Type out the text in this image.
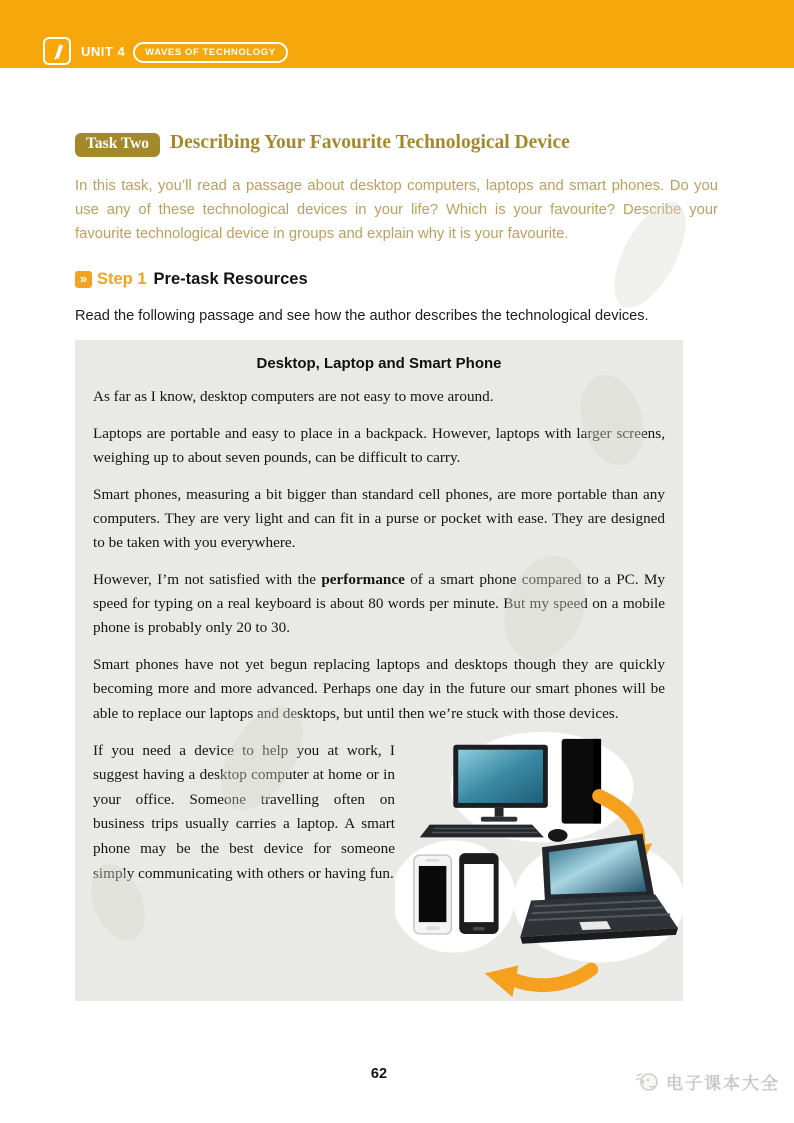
UNIT 4	WAVES OF TECHNOLOGY
Task Two	Describing Your Favourite Technological Device

In this task, you’ll read a passage about desktop computers, laptops and smart phones. Do you use any of these technological devices in your life? Which is your favourite? Describe your favourite technological device in groups and explain why it is your favourite.

» Step 1 Pre-task Resources

Read the following passage and see how the author describes the technological devices.

Desktop, Laptop and Smart Phone

As far as I know, desktop computers are not easy to move around.

Laptops are portable and easy to place in a backpack. However, laptops with larger screens, weighing up to about seven pounds, can be difficult to carry.

Smart phones, measuring a bit bigger than standard cell phones, are more portable than any computers. They are very light and can fit in a purse or pocket with ease. They are designed to be taken with you everywhere.

However, I’m not satisfied with the performance of a smart phone compared to a PC. My speed for typing on a real keyboard is about 80 words per minute. But my speed on a mobile phone is probably only 20 to 30.

Smart phones have not yet begun replacing laptops and desktops though they are quickly becoming more and more advanced. Perhaps one day in the future our smart phones will be able to replace our laptops and desktops, but until then we’re stuck with those devices.

If you need a device to help you at work, I suggest having a desktop computer at home or in your office. Someone travelling often on business trips usually carries a laptop. A smart phone may be the best device for someone simply communicating with others or having fun.

62	电子课本大全
